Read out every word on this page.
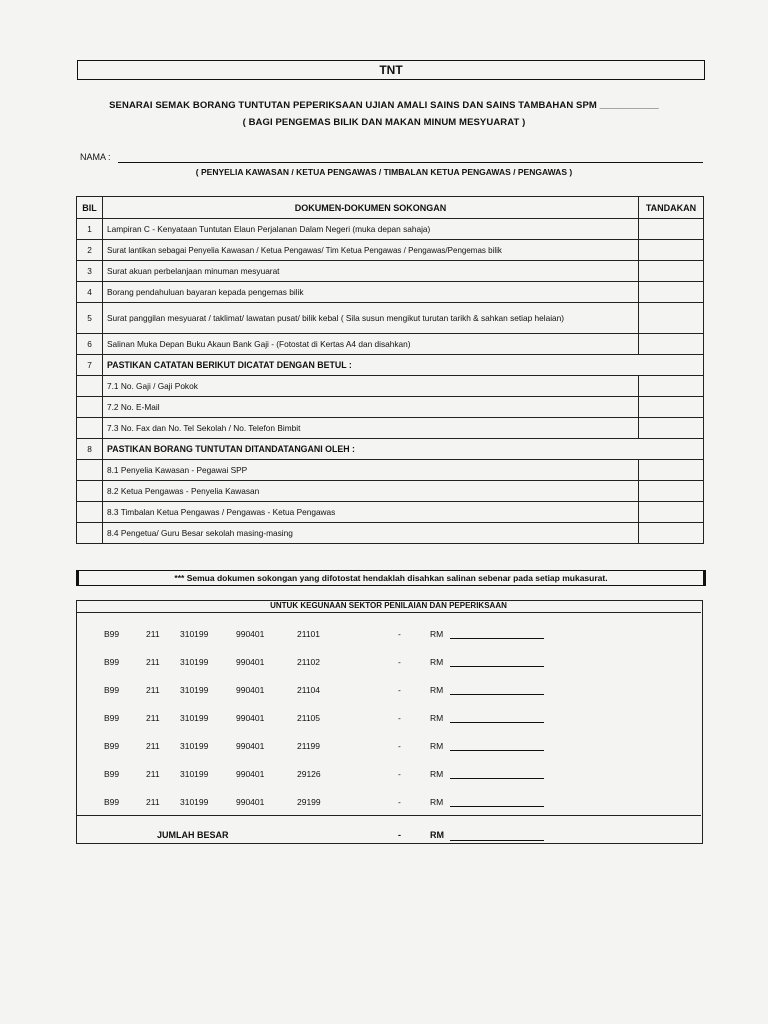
TNT
SENARAI SEMAK BORANG TUNTUTAN PEPERIKSAAN UJIAN AMALI SAINS DAN SAINS TAMBAHAN SPM ___________
( BAGI PENGEMAS BILIK DAN MAKAN MINUM MESYUARAT )
NAMA :
( PENYELIA KAWASAN / KETUA PENGAWAS / TIMBALAN KETUA PENGAWAS / PENGAWAS )
BIL	DOKUMEN-DOKUMEN SOKONGAN	TANDAKAN
1	Lampiran C - Kenyataan Tuntutan Elaun Perjalanan Dalam Negeri (muka depan sahaja)	
2	Surat lantikan sebagai Penyelia Kawasan / Ketua Pengawas/ Tim Ketua Pengawas / Pengawas/Pengemas bilik	
3	Surat akuan perbelanjaan minuman mesyuarat	
4	Borang pendahuluan bayaran kepada pengemas bilik	
5	Surat panggilan mesyuarat / taklimat/ lawatan pusat/ bilik kebal ( Sila susun mengikut turutan tarikh & sahkan setiap helaian)	
6	Salinan Muka Depan Buku Akaun Bank Gaji - (Fotostat di Kertas A4 dan disahkan)	
7	PASTIKAN CATATAN BERIKUT DICATAT DENGAN BETUL :	
	7.1 No. Gaji / Gaji Pokok	
	7.2 No. E-Mail	
	7.3 No. Fax dan No. Tel Sekolah / No. Telefon Bimbit	
8	PASTIKAN BORANG TUNTUTAN DITANDATANGANI OLEH :	
	8.1 Penyelia Kawasan - Pegawai SPP	
	8.2 Ketua Pengawas - Penyelia Kawasan	
	8.3 Timbalan Ketua Pengawas / Pengawas - Ketua Pengawas	
	8.4 Pengetua/ Guru Besar sekolah masing-masing	
*** Semua dokumen sokongan yang difotostat hendaklah disahkan salinan sebenar pada setiap mukasurat.
UNTUK KEGUNAAN SEKTOR PENILAIAN DAN PEPERIKSAAN
B99	211 310199	990401	21101	-	RM
B99	211 310199	990401	21102	-	RM
B99	211 310199	990401	21104	-	RM
B99	211 310199	990401	21105	-	RM
B99	211 310199	990401	21199	-	RM
B99	211 310199	990401	29126	-	RM
B99	211 310199	990401	29199	-	RM
JUMLAH BESAR	-	RM
